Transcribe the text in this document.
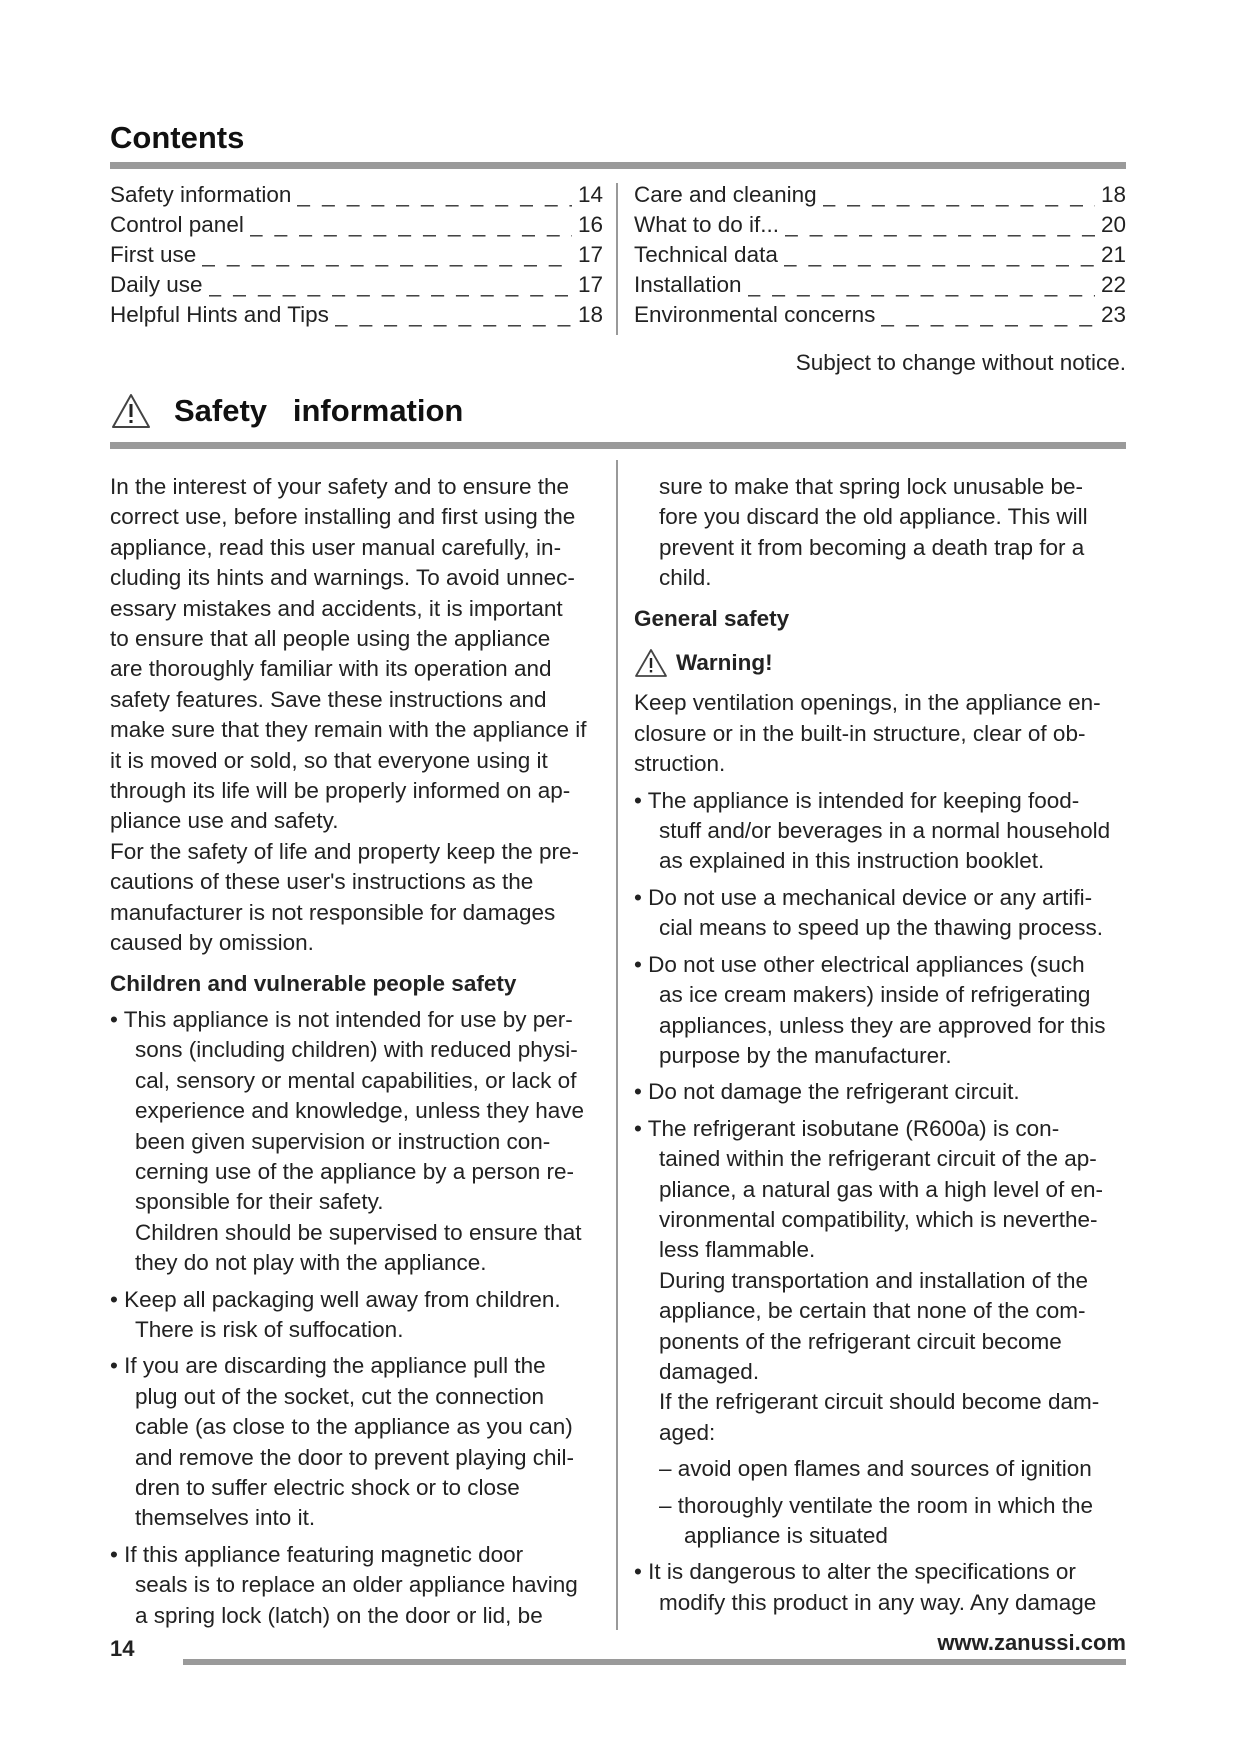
Contents
Safety information _ _ _	14
Control panel _ _ _	16
First use _ _ _	17
Daily use _ _ _	17
Helpful Hints and Tips _ _ _	18
Care and cleaning _ _ _	18
What to do if... _ _ _	20
Technical data _ _ _	21
Installation _ _ _	22
Environmental concerns _ _ _	23
Subject to change without notice.
Safety   information
In the interest of your safety and to ensure the
correct use, before installing and first using the
appliance, read this user manual carefully, in-
cluding its hints and warnings. To avoid unnec-
essary mistakes and accidents, it is important
to ensure that all people using the appliance
are thoroughly familiar with its operation and
safety features. Save these instructions and
make sure that they remain with the appliance if
it is moved or sold, so that everyone using it
through its life will be properly informed on ap-
pliance use and safety.
For the safety of life and property keep the pre-
cautions of these user's instructions as the
manufacturer is not responsible for damages
caused by omission.
Children and vulnerable people safety
• This appliance is not intended for use by per-
sons (including children) with reduced physi-
cal, sensory or mental capabilities, or lack of
experience and knowledge, unless they have
been given supervision or instruction con-
cerning use of the appliance by a person re-
sponsible for their safety.
Children should be supervised to ensure that
they do not play with the appliance.
• Keep all packaging well away from children.
There is risk of suffocation.
• If you are discarding the appliance pull the
plug out of the socket, cut the connection
cable (as close to the appliance as you can)
and remove the door to prevent playing chil-
dren to suffer electric shock or to close
themselves into it.
• If this appliance featuring magnetic door
seals is to replace an older appliance having
a spring lock (latch) on the door or lid, be
sure to make that spring lock unusable be-
fore you discard the old appliance. This will
prevent it from becoming a death trap for a
child.
General safety
Warning!
Keep ventilation openings, in the appliance en-
closure or in the built-in structure, clear of ob-
struction.
• The appliance is intended for keeping food-
stuff and/or beverages in a normal household
as explained in this instruction booklet.
• Do not use a mechanical device or any artifi-
cial means to speed up the thawing process.
• Do not use other electrical appliances (such
as ice cream makers) inside of refrigerating
appliances, unless they are approved for this
purpose by the manufacturer.
• Do not damage the refrigerant circuit.
• The refrigerant isobutane (R600a) is con-
tained within the refrigerant circuit of the ap-
pliance, a natural gas with a high level of en-
vironmental compatibility, which is neverthe-
less flammable.
During transportation and installation of the
appliance, be certain that none of the com-
ponents of the refrigerant circuit become
damaged.
If the refrigerant circuit should become dam-
aged:
– avoid open flames and sources of ignition
– thoroughly ventilate the room in which the
appliance is situated
• It is dangerous to alter the specifications or
modify this product in any way. Any damage
14	www.zanussi.com
